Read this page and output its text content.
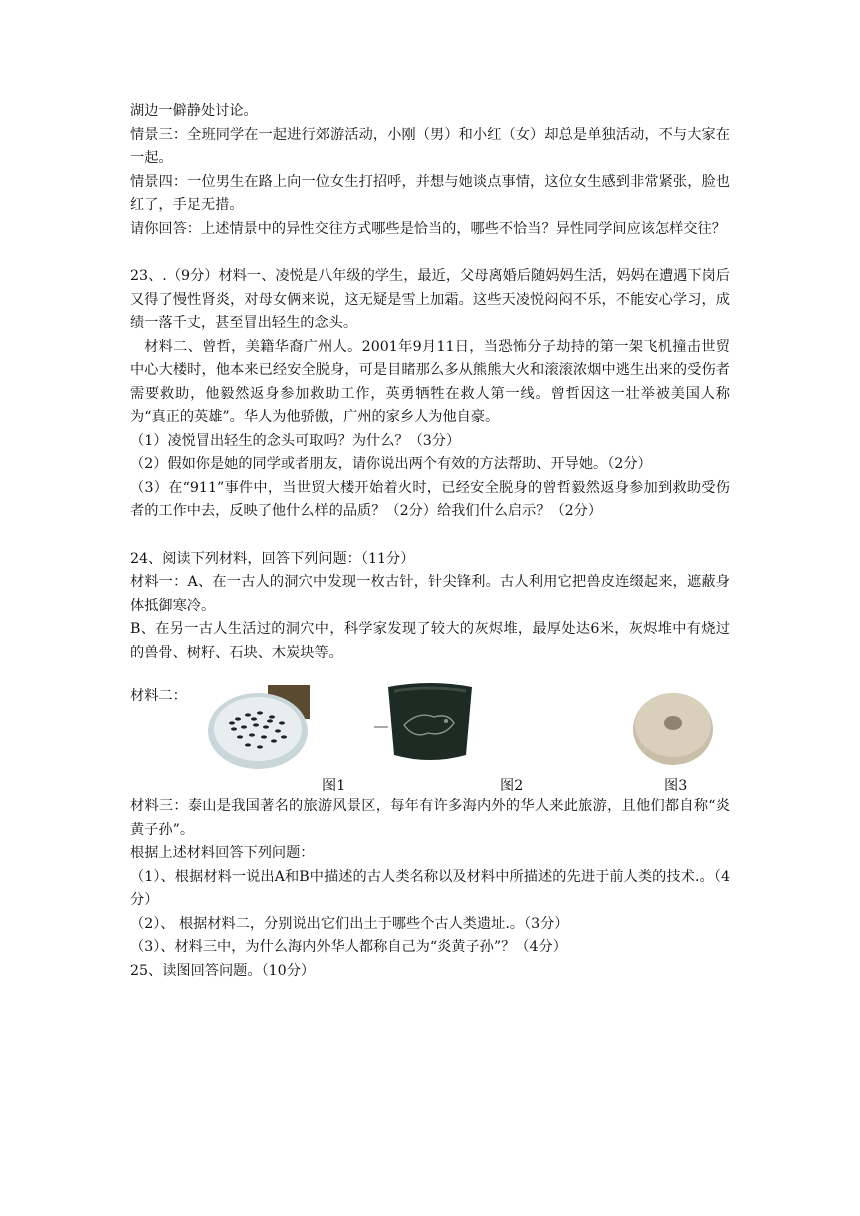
湖边一僻静处讨论。

情景三：全班同学在一起进行郊游活动，小刚（男）和小红（女）却总是单独活动，不与大家在一起。

情景四：一位男生在路上向一位女生打招呼，并想与她谈点事情，这位女生感到非常紧张，脸也红了，手足无措。

请你回答：上述情景中的异性交往方式哪些是恰当的，哪些不恰当？异性同学间应该怎样交往？

23、.（9分）材料一、凌悦是八年级的学生，最近，父母离婚后随妈妈生活，妈妈在遭遇下岗后又得了慢性肾炎，对母女俩来说，这无疑是雪上加霜。这些天凌悦闷闷不乐，不能安心学习，成绩一落千丈，甚至冒出轻生的念头。

材料二、曾哲，美籍华裔广州人。2001年9月11日，当恐怖分子劫持的第一架飞机撞击世贸中心大楼时，他本来已经安全脱身，可是目睹那么多从熊熊大火和滚滚浓烟中逃生出来的受伤者需要救助，他毅然返身参加救助工作，英勇牺牲在救人第一线。曾哲因这一壮举被美国人称为“真正的英雄”。华人为他骄傲，广州的家乡人为他自豪。

（1）凌悦冒出轻生的念头可取吗？为什么？（3分）

（2）假如你是她的同学或者朋友，请你说出两个有效的方法帮助、开导她。（2分）

（3）在“911”事件中，当世贸大楼开始着火时，已经安全脱身的曾哲毅然返身参加到救助受伤者的工作中去，反映了他什么样的品质？（2分）给我们什么启示？（2分）

24、阅读下列材料，回答下列问题：（11分）

材料一：A、在一古人的洞穴中发现一枚古针，针尖锋利。古人利用它把兽皮连缀起来，遮蔽身体抵御寒冷。

B、在另一古人生活过的洞穴中，科学家发现了较大的灰烬堆，最厚处达6米，灰烬堆中有烧过的兽骨、树籽、石块、木炭块等。

材料二：
图1	图2	图3

材料三：泰山是我国著名的旅游风景区，每年有许多海内外的华人来此旅游，且他们都自称“炎黄子孙”。

根据上述材料回答下列问题：

（1）、根据材料一说出A和B中描述的古人类名称以及材料中所描述的先进于前人类的技术.。（4分）

（2）、 根据材料二，分别说出它们出土于哪些个古人类遗址.。（3分）

（3）、材料三中，为什么海内外华人都称自己为“炎黄子孙”？（4分）

25、读图回答问题。（10分）
